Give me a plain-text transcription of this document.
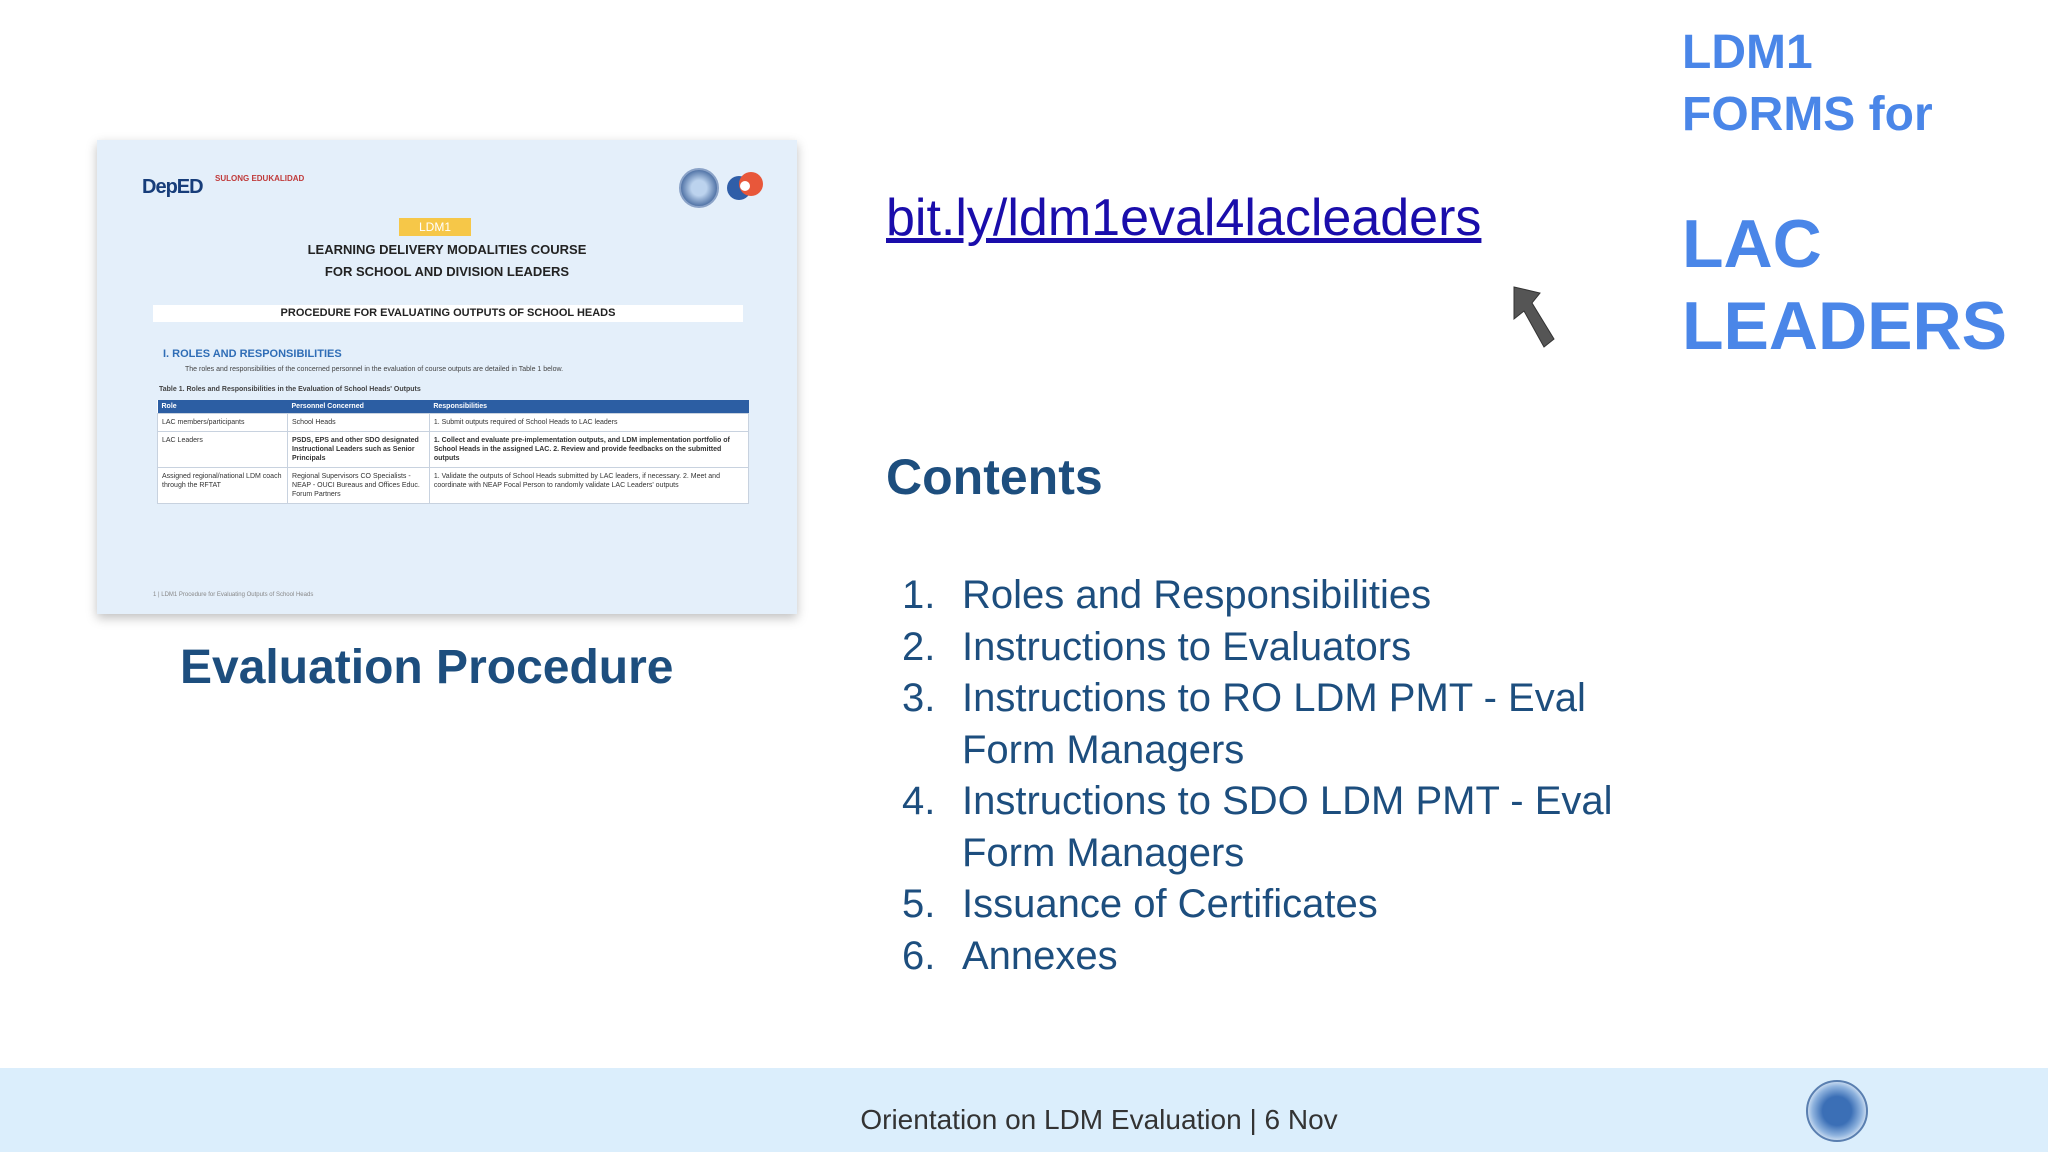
DepED SULONG EDUKALIDAD
LDM1
LEARNING DELIVERY MODALITIES COURSE
FOR SCHOOL AND DIVISION LEADERS
PROCEDURE FOR EVALUATING OUTPUTS OF SCHOOL HEADS
I. ROLES AND RESPONSIBILITIES
The roles and responsibilities of the concerned personnel in the evaluation of course outputs are detailed in Table 1 below.
Table 1. Roles and Responsibilities in the Evaluation of School Heads' Outputs
Role	Personnel Concerned	Responsibilities
LAC members/participants	School Heads	1. Submit outputs required of School Heads to LAC leaders
LAC Leaders	PSDS, EPS and other SDO designated Instructional Leaders such as Senior Principals	1. Collect and evaluate pre-implementation outputs, and LDM implementation portfolio of School Heads in the assigned LAC. 2. Review and provide feedbacks on the submitted outputs
Assigned regional/national LDM coach through the RFTAT	Regional Supervisors CO Specialists - NEAP - OUCI Bureaus and Offices Educ. Forum Partners	1. Validate the outputs of School Heads submitted by LAC leaders, if necessary. 2. Meet and coordinate with NEAP Focal Person to randomly validate LAC Leaders' outputs
1 | LDM1 Procedure for Evaluating Outputs of School Heads
Evaluation Procedure
bit.ly/ldm1eval4lacleaders
LDM1
FORMS for
LAC
LEADERS
Contents
1. Roles and Responsibilities
2. Instructions to Evaluators
3. Instructions to RO LDM PMT - Eval Form Managers
4. Instructions to SDO LDM PMT - Eval Form Managers
5. Issuance of Certificates
6. Annexes
Orientation on LDM Evaluation | 6 Nov
